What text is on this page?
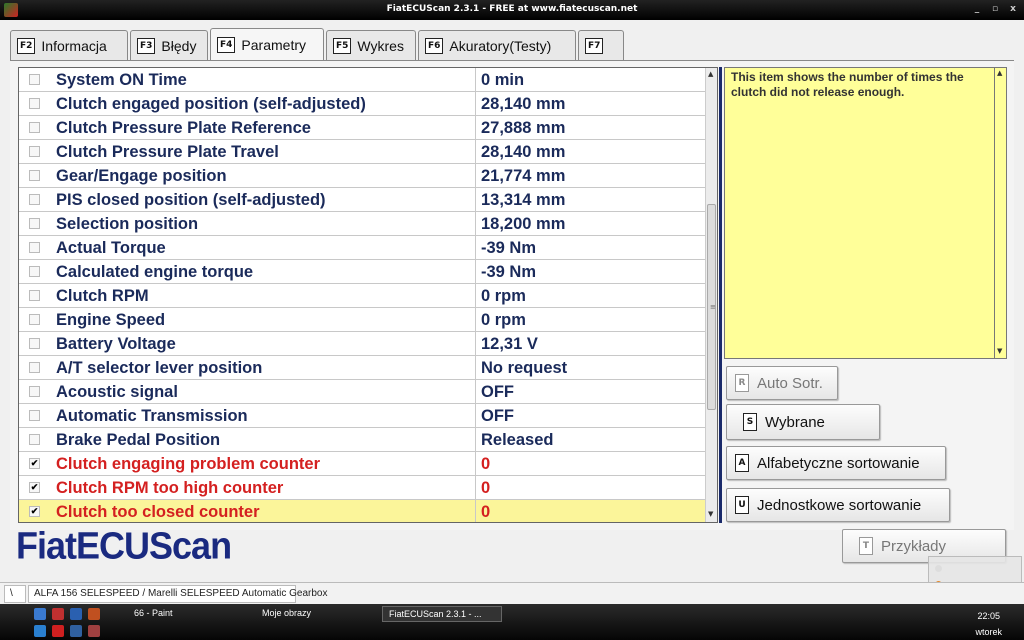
FiatECUScan 2.3.1 - FREE at www.fiatecuscan.net	_	▫	x
F2 Informacja	F3 Błędy	F4 Parametry	F5 Wykres	F6 Akuratory(Testy)	F7
System ON Time	0 min
Clutch engaged position (self-adjusted)	28,140 mm
Clutch Pressure Plate Reference	27,888 mm
Clutch Pressure Plate Travel	28,140 mm
Gear/Engage position	21,774 mm
PIS closed position (self-adjusted)	13,314 mm
Selection position	18,200 mm
Actual Torque	-39 Nm
Calculated engine torque	-39 Nm
Clutch RPM	0 rpm
Engine Speed	0 rpm
Battery Voltage	12,31 V
A/T selector lever position	No request
Acoustic signal	OFF
Automatic Transmission	OFF
Brake Pedal Position	Released
✔ Clutch engaging problem counter	0
✔ Clutch RPM too high counter	0
✔ Clutch too closed counter	0
▲
≡
▼
This item shows the number of times the clutch did not release enough.
▲
▼
R Auto Sotr.
S Wybrane
A Alfabetyczne sortowanie
U Jednostkowe sortowanie
T Przykłady
FiatECUScan
\	ALFA 156 SELESPEED / Marelli SELESPEED Automatic Gearbox
66 - Paint	Moje obrazy	FiatECUScan 2.3.1 - ...	22:05
wtorek
